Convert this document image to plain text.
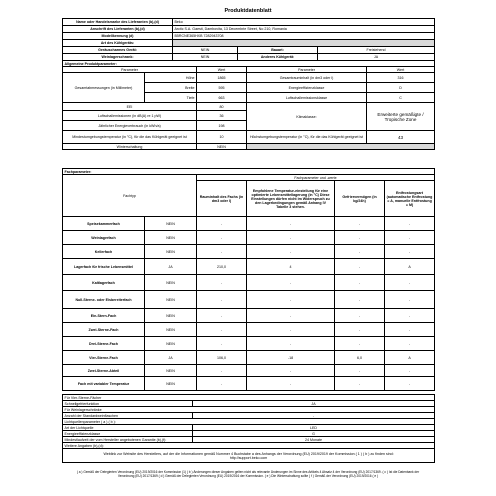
Produktdatenblatt
Name oder Handelsmarke des Lieferanten (b),(d)	Beko		
Anschrift des Lieferanten (b),(d)	Arctic S.A. Gaesti, Dambovita, 13 Decembrie Street, No 210, Romania		
Modellkennung (d)	B5RCNE365HXB 7282943708		
Art des Kühlgeräts:			
Geräuscharmes Gerät:	NEIN	Bauart:	Freistehend
Weinlagerschrank:	NEIN	Anderes Kühlgerät:	JA
Allgemeine Produktparameter:				
Parameter		Wert	Parameter	Wert
Gesamtabmessungen (in Millimeter)	Höhe	1865	Gesamtrauminhalt (in dm3 oder l)	316
	Breite	595	Energieeffizienzklasse	D
	Tiefe	663	Luftschallemissionsklasse	C
EEI		80	Klimaklasse:	Erweiterte gemäßigte / Tropische Zone
Luftschallemissionen (in dB(A) re 1 pW)		36		
Jährlicher Energieverbrauch (in kWh/a)		198		
Mindestumgebungstemperatur (in °C), für die das Kühlgerät geeignet ist		10	Höchstumgebungstemperatur (in °C), für die das Kühlgerät geeignet ist	43
Winterschaltung		NEIN		
Fachparameter:					
Fachtyp		Fachparameter und -werte			
		Rauminhalt des Fachs (in dm3 oder l)	Empfohlene Temperatur-einstellung für eine optimierte Lebensmittellagerung (in °C) Diese Einstellungen dürfen nicht im Widerspruch zu den Lagerbedingungen gemäß Anhang IV Tabelle 3 stehen.	Gefriervermögen (in kg/24h)	Entfrostungsart (automatische Entfrostung = A, manuelle Entfrostung = M)
Speisekammerfach	NEIN	-	-	-	-
Weinlagerfach	NEIN	-	-	-	-
Kellerfach	NEIN	-	-	-	-
Lagerfach für frische Lebensmittel	JA	210,0	4	-	A
Kaltlagerfach	NEIN	-	-	-	-
Null-Sterne- oder Eisbereiterfach	NEIN	-	-	-	-
Ein-Stern-Fach	NEIN	-	-	-	-
Zwei-Sterne-Fach	NEIN	-	-	-	-
Drei-Sterne-Fach	NEIN	-	-	-	-
Vier-Sterne-Fach	JA	106,0	-18	6,0	A
Zwei-Sterne-Abteil	NEIN	-	-	-	-
Fach mit variabler Temperatur	NEIN	-	-	-	-
Für Vier-Sterne-Fächer	
Schnellgefrierfunktion	JA
Für Weinlagerschränke	
Anzahl der Standardweinflaschen	-
Lichtquellenparameter ( a ) ( b ):	
Art der Lichtquelle	LED
Energieeffizienzklasse	G
Mindestlaufzeit der vom Hersteller angebotenen Garantie (b),(f):	24 Monate
Weitere Angaben (b),(d):	
Weblink zur Website des Herstellers, auf der die Informationen gemäß Nummer 4 Buchstabe a des Anhangs der Verordnung (EU) 2019/2019 der Kommission ( 1 ) ( b ) zu finden sind:
http://support.beko.com	
( a ) Gemäß der Delegierten Verordnung (EU) 2019/2016 der Kommission (1) ( b ) Änderungen dieser Angaben gelten nicht als relevante Änderungen im Sinne des Artikels 4 Absatz 4 der Verordnung (EU) 2017/1369. ( c ) Ist die Datenbank der
Verordnung (EU) 2017/1369 ( d ) Gemäß der Delegierten Verordnung (EU) 2019/2016 der Kommission. ( e ) Die Winterschaltung sollte ( f ) Gemäß der Verordnung (EU) 2019/2016 ( e )
